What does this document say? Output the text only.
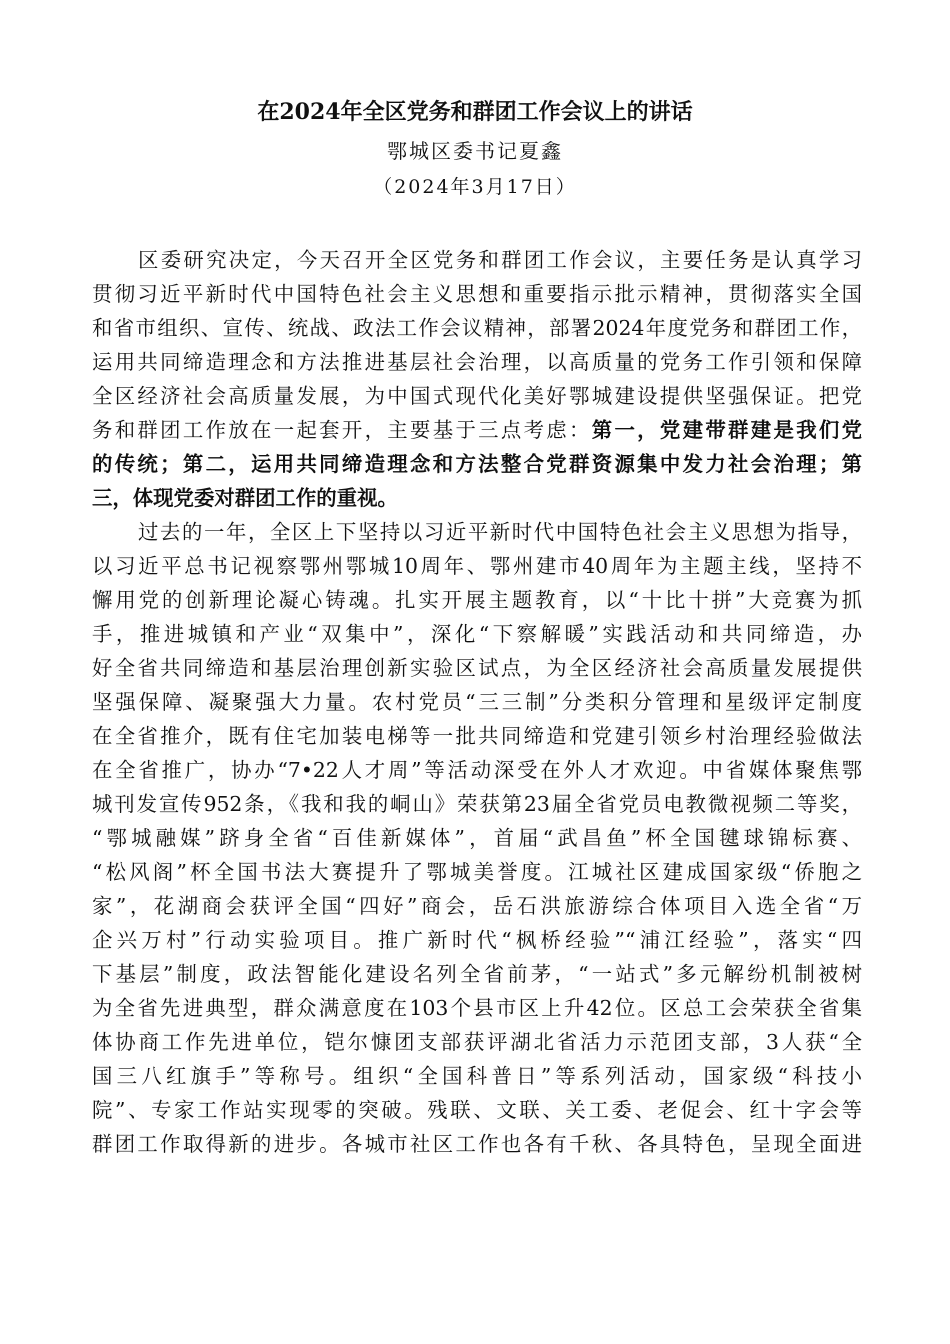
在2024年全区党务和群团工作会议上的讲话
鄂城区委书记夏鑫
（2024年3月17日）
区委研究决定，今天召开全区党务和群团工作会议，主要任务是认真学习
贯彻习近平新时代中国特色社会主义思想和重要指示批示精神，贯彻落实全国
和省市组织、宣传、统战、政法工作会议精神，部署2024年度党务和群团工作，
运用共同缔造理念和方法推进基层社会治理，以高质量的党务工作引领和保障
全区经济社会高质量发展，为中国式现代化美好鄂城建设提供坚强保证。把党
务和群团工作放在一起套开，主要基于三点考虑：第一，党建带群建是我们党
的传统；第二，运用共同缔造理念和方法整合党群资源集中发力社会治理；第
三，体现党委对群团工作的重视。
过去的一年，全区上下坚持以习近平新时代中国特色社会主义思想为指导，
以习近平总书记视察鄂州鄂城10周年、鄂州建市40周年为主题主线，坚持不
懈用党的创新理论凝心铸魂。扎实开展主题教育，以“十比十拼”大竞赛为抓
手，推进城镇和产业“双集中”，深化“下察解暖”实践活动和共同缔造，办
好全省共同缔造和基层治理创新实验区试点，为全区经济社会高质量发展提供
坚强保障、凝聚强大力量。农村党员“三三制”分类积分管理和星级评定制度
在全省推介，既有住宅加装电梯等一批共同缔造和党建引领乡村治理经验做法
在全省推广，协办“7•22人才周”等活动深受在外人才欢迎。中省媒体聚焦鄂
城刊发宣传952条，《我和我的峒山》荣获第23届全省党员电教微视频二等奖，
“鄂城融媒”跻身全省“百佳新媒体”，首届“武昌鱼”杯全国毽球锦标赛、
“松风阁”杯全国书法大赛提升了鄂城美誉度。江城社区建成国家级“侨胞之
家”，花湖商会获评全国“四好”商会，岳石洪旅游综合体项目入选全省“万
企兴万村”行动实验项目。推广新时代“枫桥经验”“浦江经验”，落实“四
下基层”制度，政法智能化建设名列全省前茅，“一站式”多元解纷机制被树
为全省先进典型，群众满意度在103个县市区上升42位。区总工会荣获全省集
体协商工作先进单位，铠尔慷团支部获评湖北省活力示范团支部，3人获“全
国三八红旗手”等称号。组织“全国科普日”等系列活动，国家级“科技小
院”、专家工作站实现零的突破。残联、文联、关工委、老促会、红十字会等
群团工作取得新的进步。各城市社区工作也各有千秋、各具特色，呈现全面进
